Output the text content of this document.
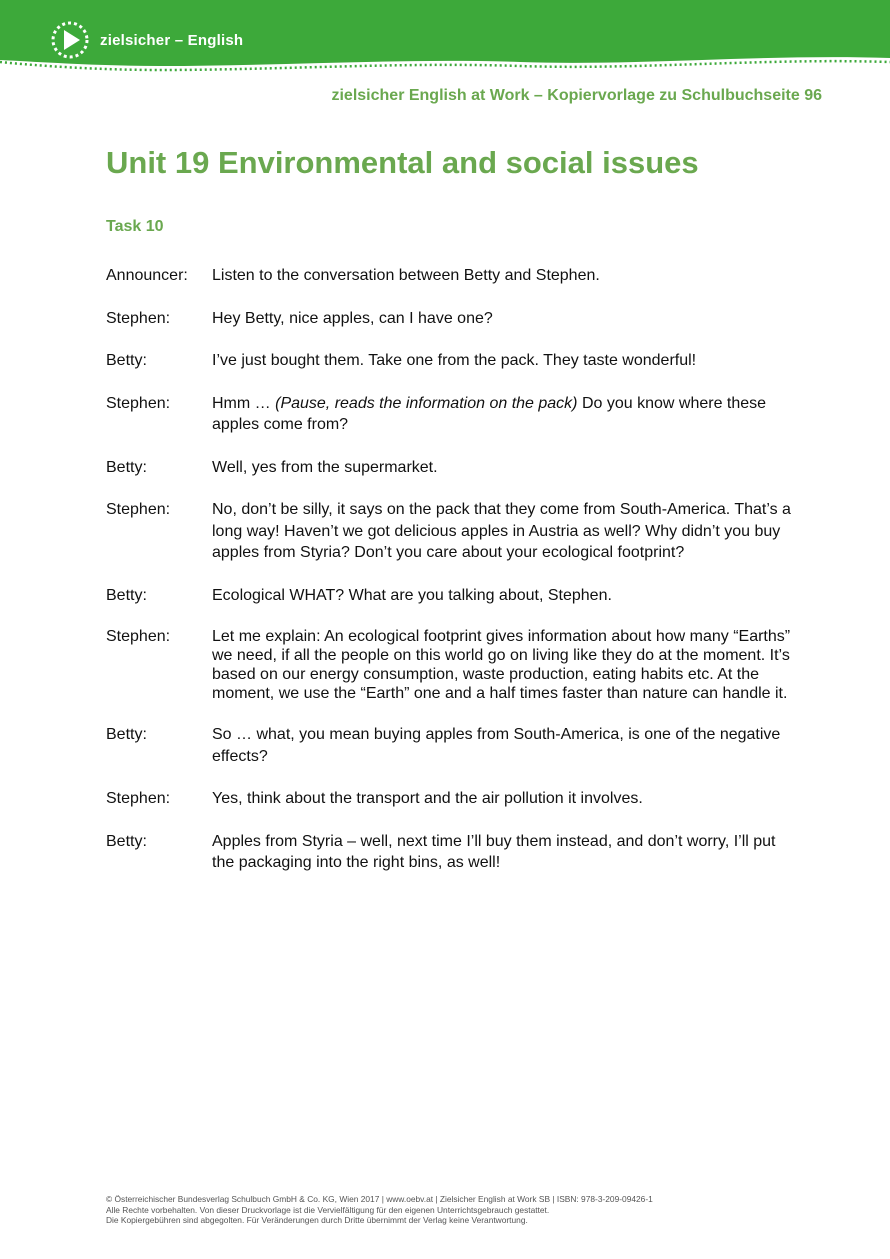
zielsicher – English
zielsicher English at Work – Kopiervorlage zu Schulbuchseite 96
Unit 19 Environmental and social issues
Task 10
Announcer:	Listen to the conversation between Betty and Stephen.
Stephen:	Hey Betty, nice apples, can I have one?
Betty:	I’ve just bought them. Take one from the pack. They taste wonderful!
Stephen:	Hmm … (Pause, reads the information on the pack) Do you know where these apples come from?
Betty:	Well, yes from the supermarket.
Stephen:	No, don’t be silly, it says on the pack that they come from South-America. That’s a long way! Haven’t we got delicious apples in Austria as well? Why didn’t you buy apples from Styria? Don’t you care about your ecological footprint?
Betty:	Ecological WHAT? What are you talking about, Stephen.
Stephen:	Let me explain: An ecological footprint gives information about how many “Earths” we need, if all the people on this world go on living like they do at the moment. It’s based on our energy consumption, waste production, eating habits etc. At the moment, we use the “Earth” one and a half times faster than nature can handle it.
Betty:	So … what, you mean buying apples from South-America, is one of the negative effects?
Stephen:	Yes, think about the transport and the air pollution it involves.
Betty:	Apples from Styria – well, next time I’ll buy them instead, and don’t worry, I’ll put the packaging into the right bins, as well!
© Österreichischer Bundesverlag Schulbuch GmbH & Co. KG, Wien 2017 | www.oebv.at | Zielsicher English at Work SB | ISBN: 978-3-209-09426-1
Alle Rechte vorbehalten. Von dieser Druckvorlage ist die Vervielfältigung für den eigenen Unterrichtsgebrauch gestattet.
Die Kopiergebühren sind abgegolten. Für Veränderungen durch Dritte übernimmt der Verlag keine Verantwortung.
